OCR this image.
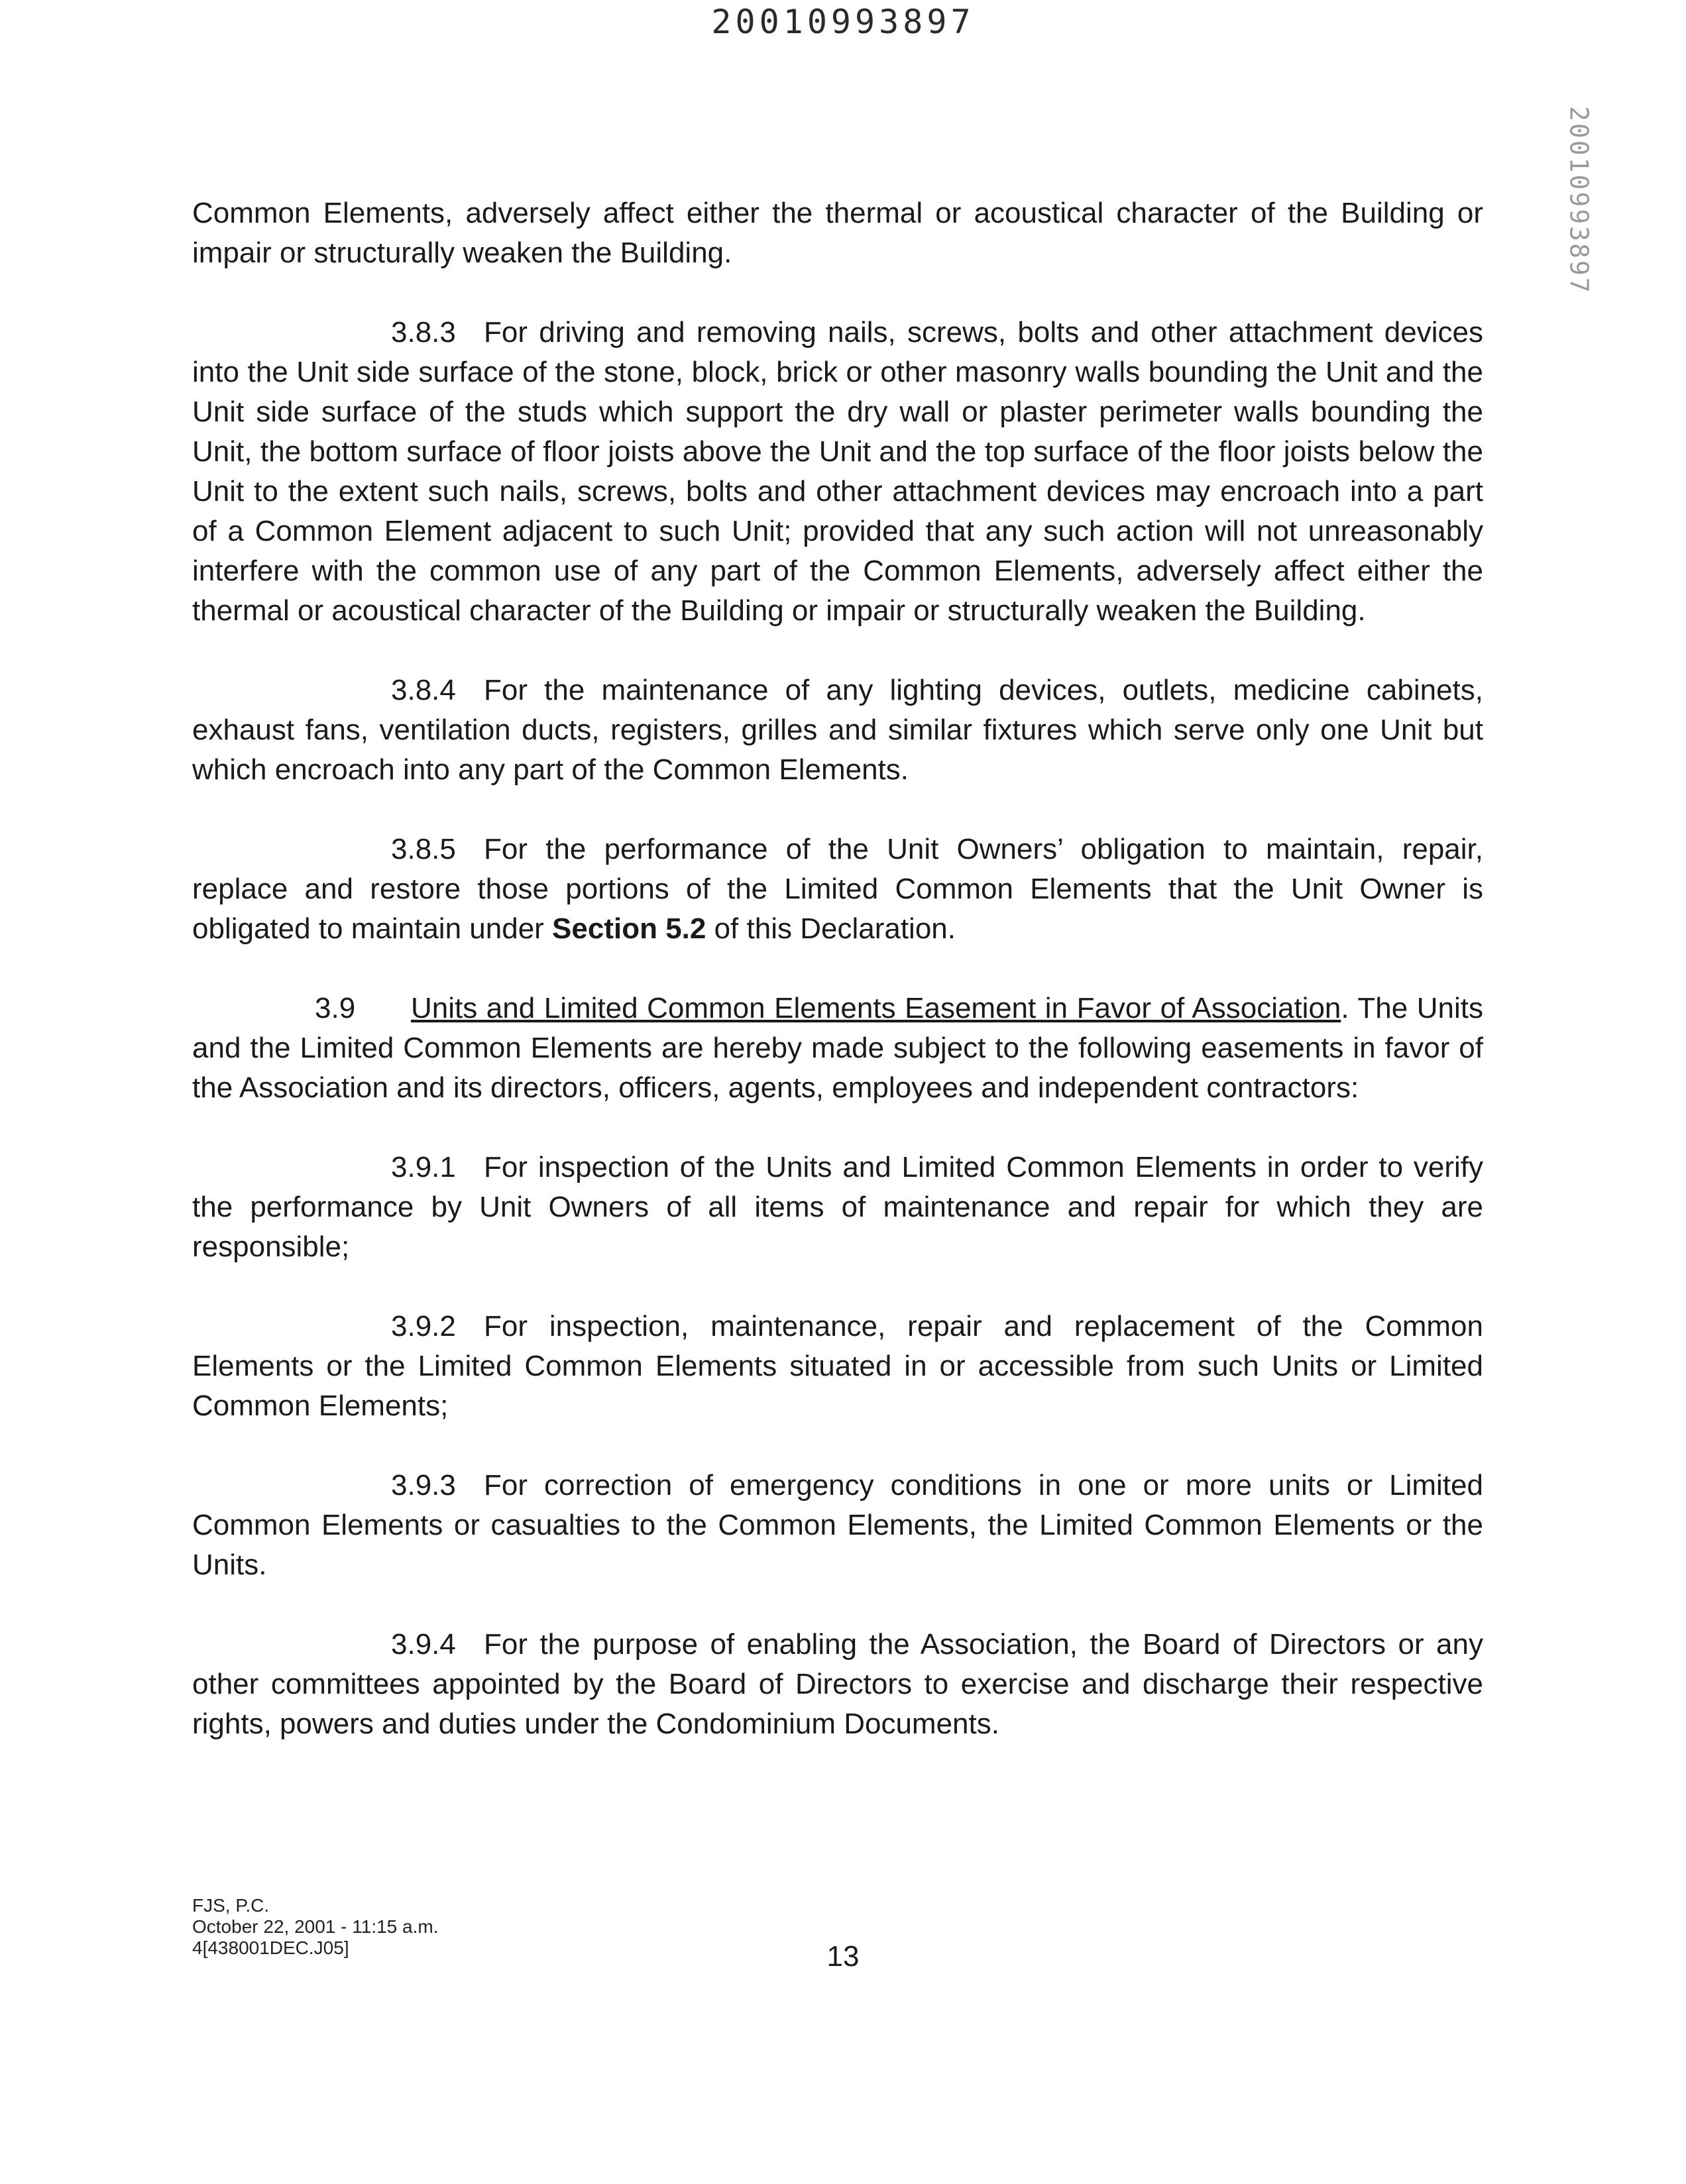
20010993897
20010993897

Common Elements, adversely affect either the thermal or acoustical character of the Building or impair or structurally weaken the Building.

3.8.3 For driving and removing nails, screws, bolts and other attachment devices into the Unit side surface of the stone, block, brick or other masonry walls bounding the Unit and the Unit side surface of the studs which support the dry wall or plaster perimeter walls bounding the Unit, the bottom surface of floor joists above the Unit and the top surface of the floor joists below the Unit to the extent such nails, screws, bolts and other attachment devices may encroach into a part of a Common Element adjacent to such Unit; provided that any such action will not unreasonably interfere with the common use of any part of the Common Elements, adversely affect either the thermal or acoustical character of the Building or impair or structurally weaken the Building.

3.8.4 For the maintenance of any lighting devices, outlets, medicine cabinets, exhaust fans, ventilation ducts, registers, grilles and similar fixtures which serve only one Unit but which encroach into any part of the Common Elements.

3.8.5 For the performance of the Unit Owners’ obligation to maintain, repair, replace and restore those portions of the Limited Common Elements that the Unit Owner is obligated to maintain under Section 5.2 of this Declaration.

3.9 Units and Limited Common Elements Easement in Favor of Association. The Units and the Limited Common Elements are hereby made subject to the following easements in favor of the Association and its directors, officers, agents, employees and independent contractors:

3.9.1 For inspection of the Units and Limited Common Elements in order to verify the performance by Unit Owners of all items of maintenance and repair for which they are responsible;

3.9.2 For inspection, maintenance, repair and replacement of the Common Elements or the Limited Common Elements situated in or accessible from such Units or Limited Common Elements;

3.9.3 For correction of emergency conditions in one or more units or Limited Common Elements or casualties to the Common Elements, the Limited Common Elements or the Units.

3.9.4 For the purpose of enabling the Association, the Board of Directors or any other committees appointed by the Board of Directors to exercise and discharge their respective rights, powers and duties under the Condominium Documents.

FJS, P.C.
October 22, 2001 - 11:15 a.m.
4[438001DEC.J05]	13
